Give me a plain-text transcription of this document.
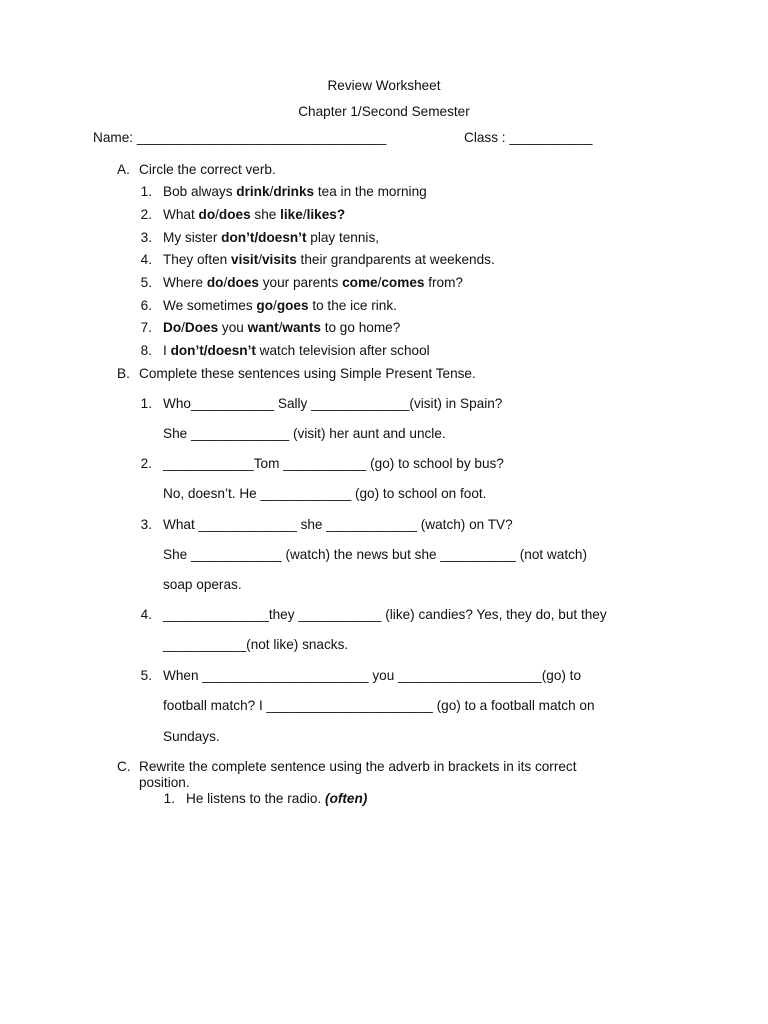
Review Worksheet
Chapter 1/Second Semester
Name: _________________________________	Class : ___________
A. Circle the correct verb.
1. Bob always drink/drinks tea in the morning
2. What do/does she like/likes?
3. My sister don’t/doesn’t play tennis,
4. They often visit/visits their grandparents at weekends.
5. Where do/does your parents come/comes from?
6. We sometimes go/goes to the ice rink.
7. Do/Does you want/wants to go home?
8. I don’t/doesn’t watch television after school
B. Complete these sentences using Simple Present Tense.
1. Who___________ Sally _____________(visit) in Spain?
She _____________ (visit) her aunt and uncle.
2. ____________Tom ___________ (go) to school by bus?
No, doesn’t. He ____________ (go) to school on foot.
3. What _____________ she ____________ (watch) on TV?
She ____________ (watch) the news but she __________ (not watch)
soap operas.
4. ______________they ___________ (like) candies? Yes, they do, but they
___________(not like) snacks.
5. When ______________________ you ___________________(go) to
football match? I ______________________ (go) to a football match on
Sundays.
C. Rewrite the complete sentence using the adverb in brackets in its correct
position.
1. He listens to the radio. (often)
